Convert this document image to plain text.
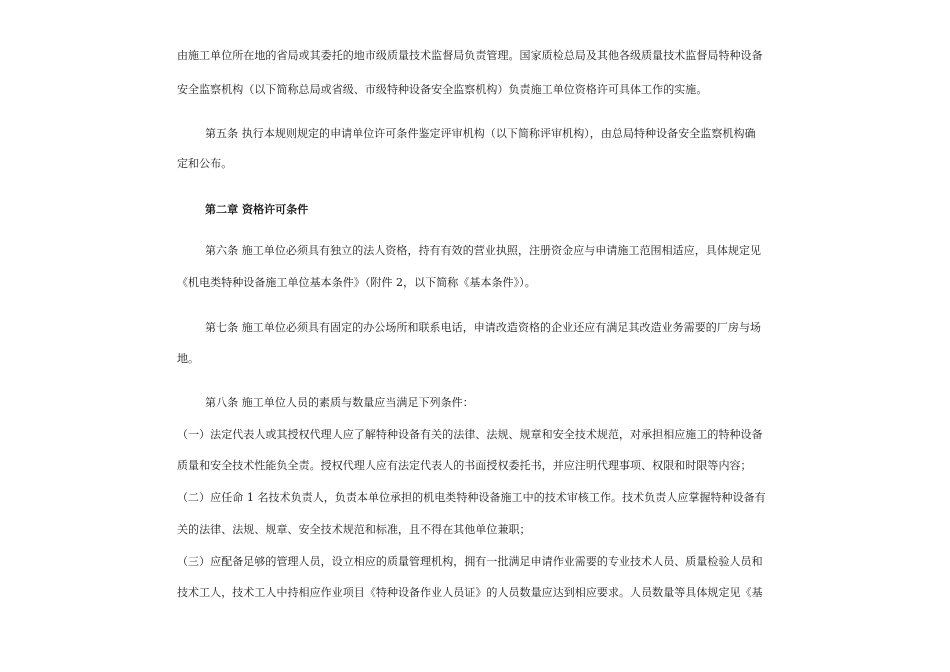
由施工单位所在地的省局或其委托的地市级质量技术监督局负责管理。国家质检总局及其他各级质量技术监督局特种设备
安全监察机构（以下简称总局或省级、市级特种设备安全监察机构）负责施工单位资格许可具体工作的实施。
第五条 执行本规则规定的申请单位许可条件鉴定评审机构（以下简称评审机构），由总局特种设备安全监察机构确
定和公布。
第二章 资格许可条件
第六条 施工单位必须具有独立的法人资格，持有有效的营业执照，注册资金应与申请施工范围相适应，具体规定见
《机电类特种设备施工单位基本条件》（附件 2，以下简称《基本条件》）。
第七条 施工单位必须具有固定的办公场所和联系电话，申请改造资格的企业还应有满足其改造业务需要的厂房与场
地。
第八条 施工单位人员的素质与数量应当满足下列条件：
（一）法定代表人或其授权代理人应了解特种设备有关的法律、法规、规章和安全技术规范，对承担相应施工的特种设备
质量和安全技术性能负全责。授权代理人应有法定代表人的书面授权委托书，并应注明代理事项、权限和时限等内容；
（二）应任命 1 名技术负责人，负责本单位承担的机电类特种设备施工中的技术审核工作。技术负责人应掌握特种设备有
关的法律、法规、规章、安全技术规范和标准，且不得在其他单位兼职；
（三）应配备足够的管理人员，设立相应的质量管理机构，拥有一批满足申请作业需要的专业技术人员、质量检验人员和
技术工人，技术工人中持相应作业项目《特种设备作业人员证》的人员数量应达到相应要求。人员数量等具体规定见《基
